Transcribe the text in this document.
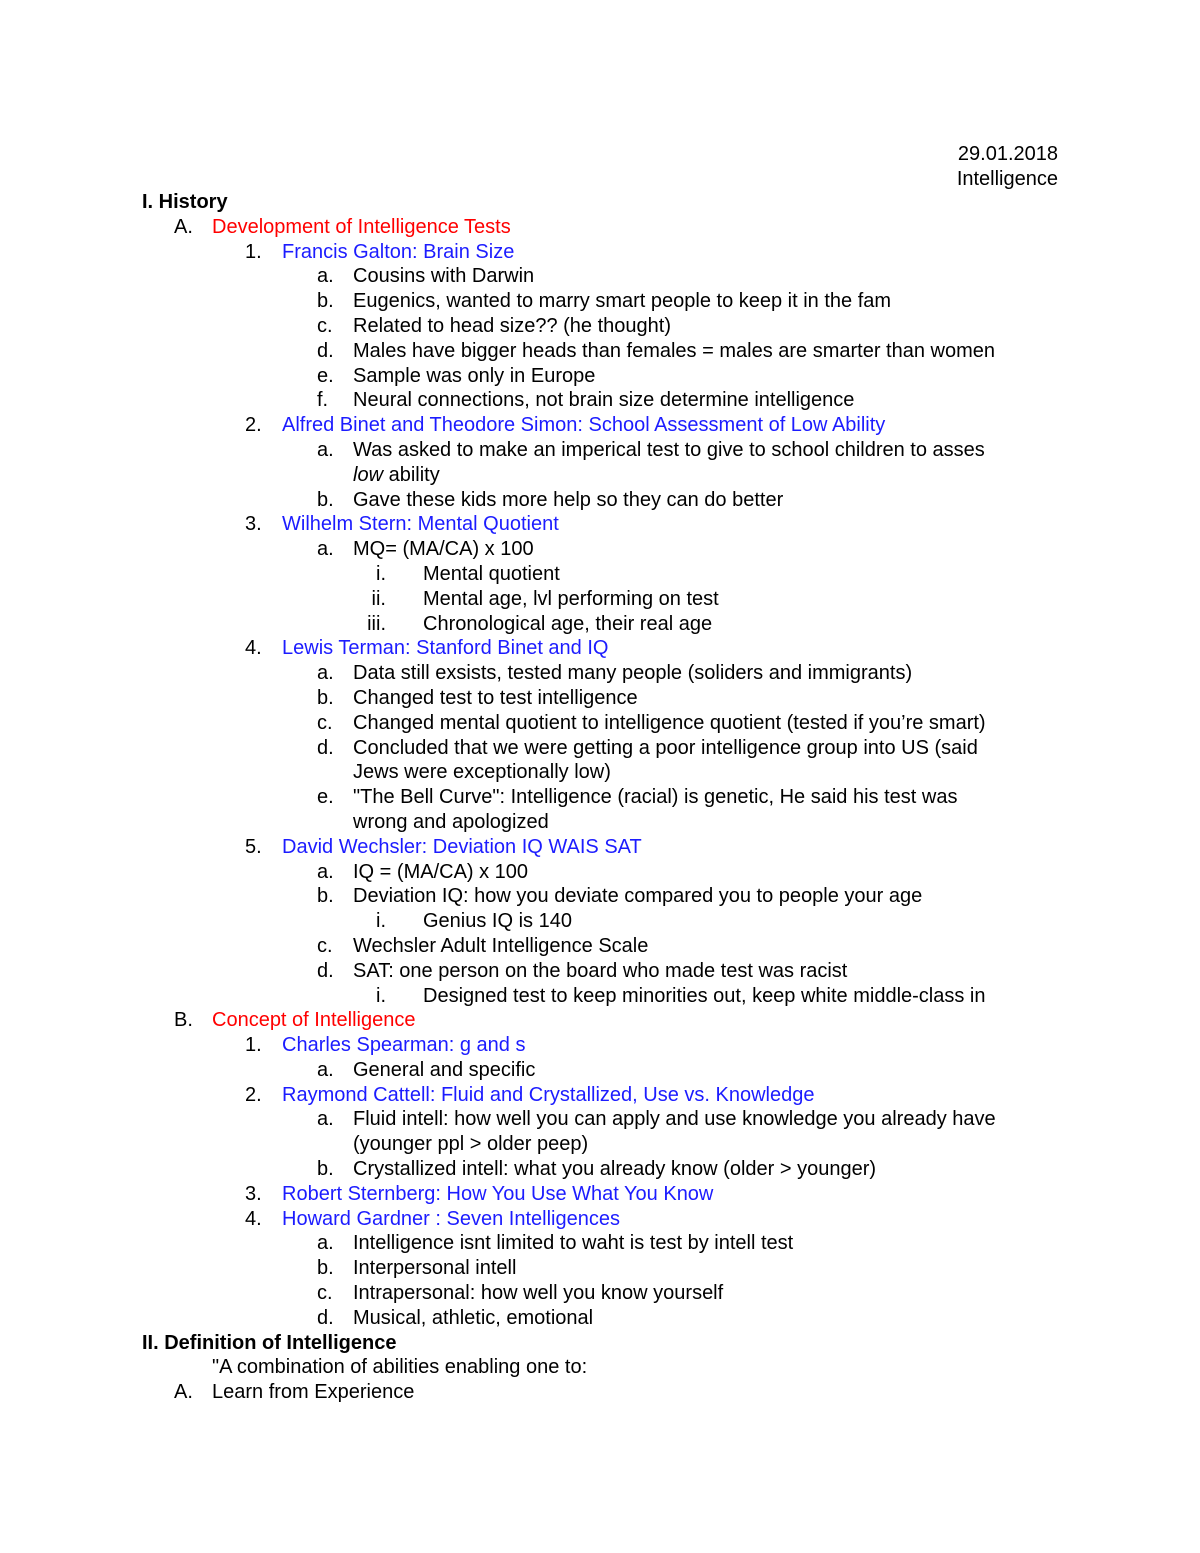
29.01.2018
Intelligence
I. History
A. Development of Intelligence Tests
1. Francis Galton: Brain Size
a. Cousins with Darwin
b. Eugenics, wanted to marry smart people to keep it in the fam
c. Related to head size?? (he thought)
d. Males have bigger heads than females = males are smarter than women
e. Sample was only in Europe
f. Neural connections, not brain size determine intelligence
2. Alfred Binet and Theodore Simon: School Assessment of Low Ability
a. Was asked to make an imperical test to give to school children to asses
low ability
b. Gave these kids more help so they can do better
3. Wilhelm Stern: Mental Quotient
a. MQ= (MA/CA) x 100
i. Mental quotient
ii. Mental age, lvl performing on test
iii. Chronological age, their real age
4. Lewis Terman: Stanford Binet and IQ
a. Data still exsists, tested many people (soliders and immigrants)
b. Changed test to test intelligence
c. Changed mental quotient to intelligence quotient (tested if you’re smart)
d. Concluded that we were getting a poor intelligence group into US (said
Jews were exceptionally low)
e. "The Bell Curve": Intelligence (racial) is genetic, He said his test was
wrong and apologized
5. David Wechsler: Deviation IQ WAIS SAT
a. IQ = (MA/CA) x 100
b. Deviation IQ: how you deviate compared you to people your age
i. Genius IQ is 140
c. Wechsler Adult Intelligence Scale
d. SAT: one person on the board who made test was racist
i. Designed test to keep minorities out, keep white middle-class in
B. Concept of Intelligence
1. Charles Spearman: g and s
a. General and specific
2. Raymond Cattell: Fluid and Crystallized, Use vs. Knowledge
a. Fluid intell: how well you can apply and use knowledge you already have
(younger ppl > older peep)
b. Crystallized intell: what you already know (older > younger)
3. Robert Sternberg: How You Use What You Know
4. Howard Gardner : Seven Intelligences
a. Intelligence isnt limited to waht is test by intell test
b. Interpersonal intell
c. Intrapersonal: how well you know yourself
d. Musical, athletic, emotional
II. Definition of Intelligence
"A combination of abilities enabling one to:
A. Learn from Experience
